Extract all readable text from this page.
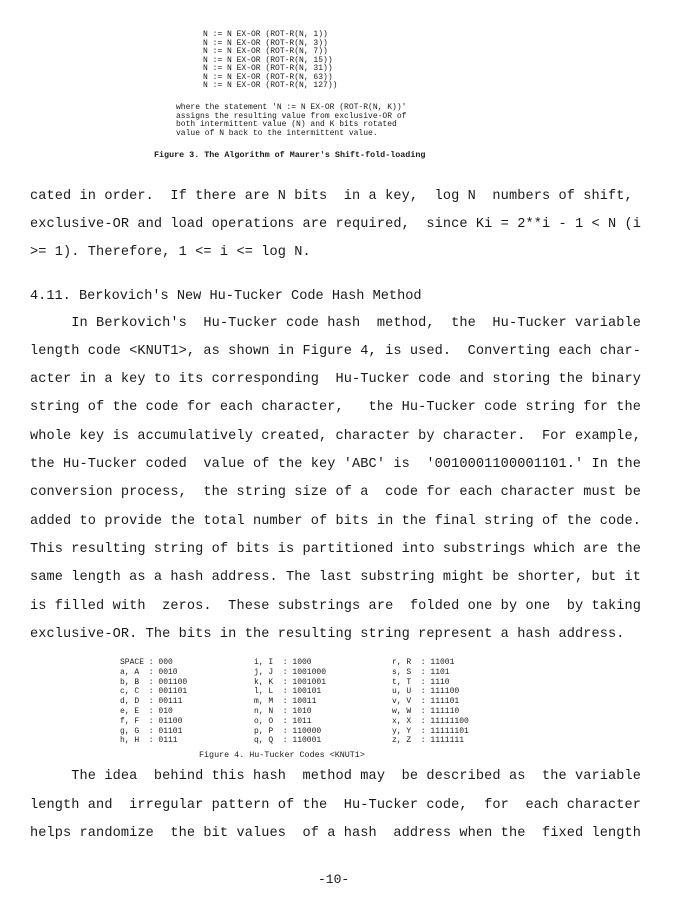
N := N EX-OR (ROT-R(N, 1))
N := N EX-OR (ROT-R(N, 3))
N := N EX-OR (ROT-R(N, 7))
N := N EX-OR (ROT-R(N, 15))
N := N EX-OR (ROT-R(N, 31))
N := N EX-OR (ROT-R(N, 63))
N := N EX-OR (ROT-R(N, 127))
where the statement 'N := N EX-OR (ROT-R(N, K))'
assigns the resulting value from exclusive-OR of
both intermittent value (N) and K bits rotated
value of N back to the intermittent value.
Figure 3. The Algorithm of Maurer's Shift-fold-loading
cated in order.  If there are N bits  in a key,  log N  numbers of shift,
exclusive-OR and load operations are required,  since Ki = 2**i - 1 < N (i
>= 1). Therefore, 1 <= i <= log N.
4.11. Berkovich's New Hu-Tucker Code Hash Method
In Berkovich's  Hu-Tucker code hash  method,  the  Hu-Tucker variable
length code <KNUT1>, as shown in Figure 4, is used.  Converting each char-
acter in a key to its corresponding  Hu-Tucker code and storing the binary
string of the code for each character,   the Hu-Tucker code string for the
whole key is accumulatively created, character by character.  For example,
the Hu-Tucker coded  value of the key 'ABC' is  '0010001100001101.' In the
conversion process,  the string size of a  code for each character must be
added to provide the total number of bits in the final string of the code.
This resulting string of bits is partitioned into substrings which are the
same length as a hash address. The last substring might be shorter, but it
is filled with  zeros.  These substrings are  folded one by one  by taking
exclusive-OR. The bits in the resulting string represent a hash address.
SPACE : 000
a, A  : 0010
b, B  : 001100
c, C  : 001101
d, D  : 00111
e, E  : 010
f, F  : 01100
g, G  : 01101
h, H  : 0111
i, I  : 1000
j, J  : 1001000
k, K  : 1001001
l, L  : 100101
m, M  : 10011
n, N  : 1010
o, O  : 1011
p, P  : 110000
q, Q  : 110001
r, R  : 11001
s, S  : 1101
t, T  : 1110
u, U  : 111100
v, V  : 111101
w, W  : 111110
x, X  : 11111100
y, Y  : 11111101
z, Z  : 1111111
Figure 4. Hu-Tucker Codes <KNUT1>
The idea  behind this hash  method may  be described as  the variable
length and  irregular pattern of the  Hu-Tucker code,  for  each character
helps randomize  the bit values  of a hash  address when the  fixed length
-10-
